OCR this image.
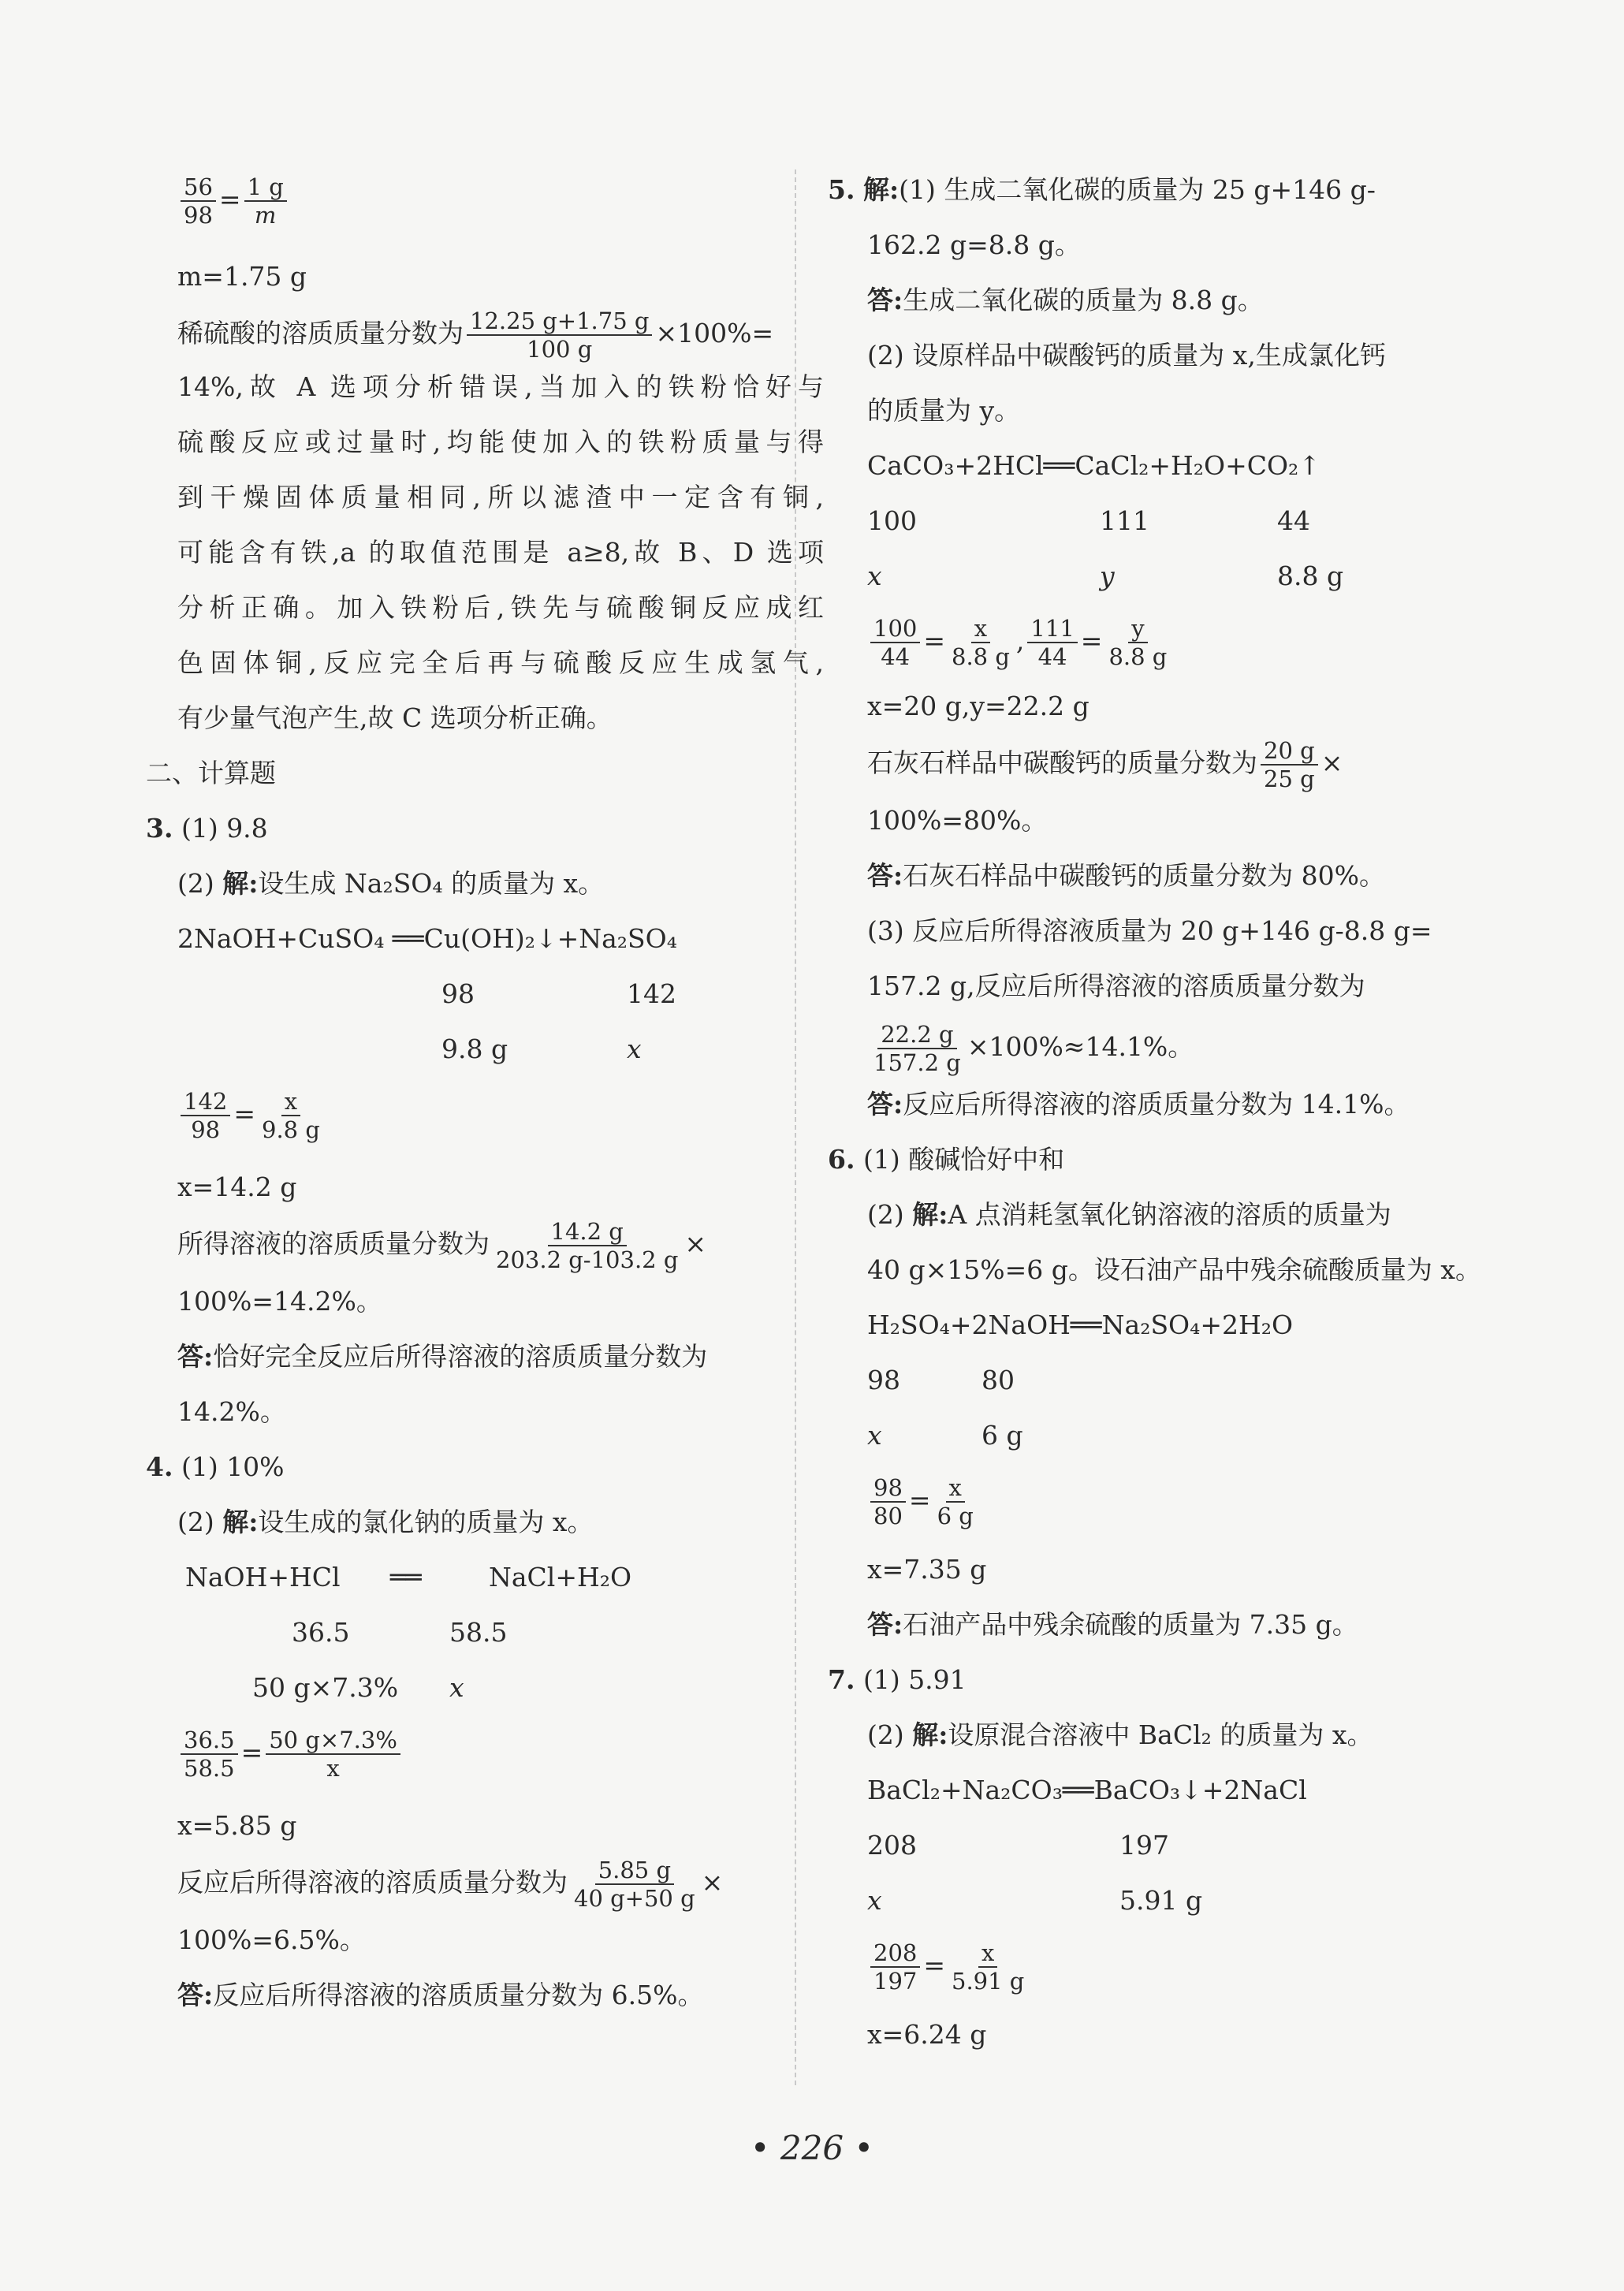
$\frac{56}{98} = \frac{1 g}{m}$
m=1.75 g
稀硫酸的溶质质量分数为 $\frac{12.25 g+1.75 g}{100 g} \times 100\%=$
14%,故 A 选项分析错误,当加入的铁粉恰好与
硫酸反应或过量时,均能使加入的铁粉质量与得
到干燥固体质量相同,所以滤渣中一定含有铜,
可能含有铁,a 的取值范围是 a≥8,故 B、D 选项
分析正确。加入铁粉后,铁先与硫酸铜反应成红
色固体铜,反应完全后再与硫酸反应生成氢气,
有少量气泡产生,故 C 选项分析正确。
二、计算题
3. (1) 9.8
(2) 解:设生成 Na₂SO₄ 的质量为 x。
2NaOH+CuSO₄ ══Cu(OH)₂↓+Na₂SO₄
98	142
9.8 g	x
$\frac{142}{98} = \frac{x}{9.8 g}$
x=14.2 g
所得溶液的溶质质量分数为 $\frac{14.2 g}{203.2 g-103.2 g}$ ×
100%=14.2%。
答:恰好完全反应后所得溶液的溶质质量分数为
14.2%。
4. (1) 10%
(2) 解:设生成的氯化钠的质量为 x。
NaOH+HCl ══	NaCl+H₂O
36.5	58.5
50 g×7.3% x
$\frac{36.5}{58.5} = \frac{50 g\times 7.3\%}{x}$
x=5.85 g
反应后所得溶液的溶质质量分数为 $\frac{5.85 g}{40 g+50 g}$ ×
100%=6.5%。
答:反应后所得溶液的溶质质量分数为 6.5%。
5. 解:(1) 生成二氧化碳的质量为 25 g+146 g-
162.2 g=8.8 g。
答:生成二氧化碳的质量为 8.8 g。
(2) 设原样品中碳酸钙的质量为 x,生成氯化钙
的质量为 y。
CaCO₃+2HCl══CaCl₂+H₂O+CO₂↑
100	111	44
x	y	8.8 g
$\frac{100}{44} = \frac{x}{8.8 g}$ , $\frac{111}{44} = \frac{y}{8.8 g}$
x=20 g,y=22.2 g
石灰石样品中碳酸钙的质量分数为 $\frac{20 g}{25 g}$ ×
100%=80%。
答:石灰石样品中碳酸钙的质量分数为 80%。
(3) 反应后所得溶液质量为 20 g+146 g-8.8 g=
157.2 g,反应后所得溶液的溶质质量分数为
$\frac{22.2 g}{157.2 g} \times 100\%\approx 14.1\%$。
答:反应后所得溶液的溶质质量分数为 14.1%。
6. (1) 酸碱恰好中和
(2) 解:A 点消耗氢氧化钠溶液的溶质的质量为
40 g×15%=6 g。设石油产品中残余硫酸质量为 x。
H₂SO₄+2NaOH══Na₂SO₄+2H₂O
98	80
x	6 g
$\frac{98}{80} = \frac{x}{6 g}$
x=7.35 g
答:石油产品中残余硫酸的质量为 7.35 g。
7. (1) 5.91
(2) 解:设原混合溶液中 BaCl₂ 的质量为 x。
BaCl₂+Na₂CO₃══BaCO₃↓+2NaCl
208	197
x	5.91 g
$\frac{208}{197} = \frac{x}{5.91 g}$
x=6.24 g
• 226 •
